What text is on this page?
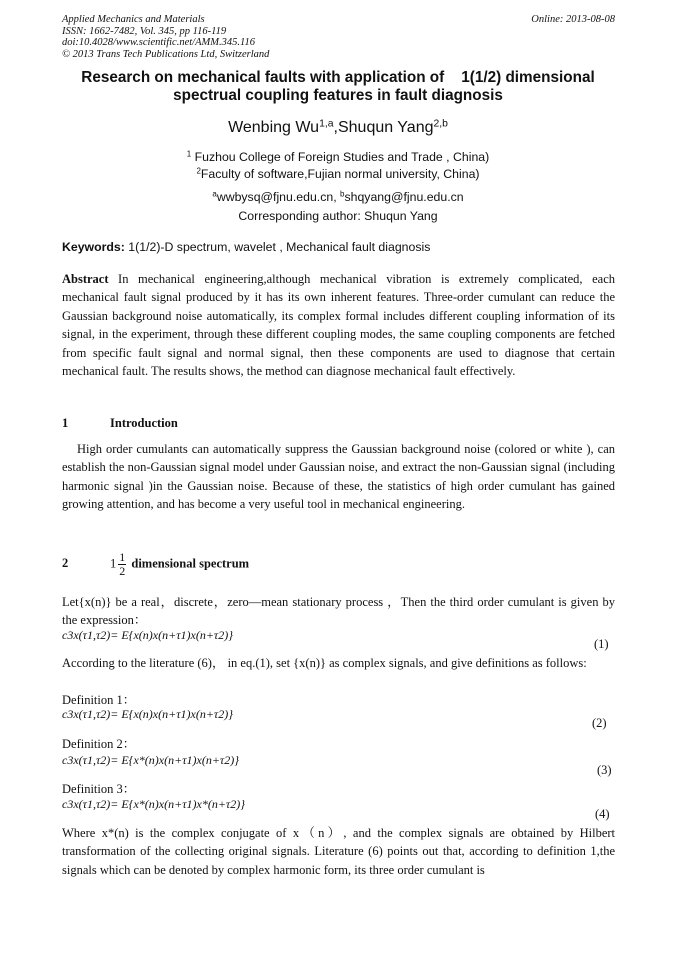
Applied Mechanics and Materials
ISSN: 1662-7482, Vol. 345, pp 116-119
doi:10.4028/www.scientific.net/AMM.345.116
© 2013 Trans Tech Publications Ltd, Switzerland
Online: 2013-08-08
Research on mechanical faults with application of    1(1/2) dimensional
spectrual coupling features in fault diagnosis
Wenbing Wu$^{1,a}$,Shuqun Yang$^{2,b}$
$^1$ Fuzhou College of Foreign Studies and Trade , China)
$^2$Faculty of software,Fujian normal university, China)
$^a$wwbysq@fjnu.edu.cn, $^b$shqyang@fjnu.edu.cn
Corresponding author: Shuqun Yang
Keywords: 1(1/2)-D spectrum, wavelet , Mechanical fault diagnosis
Abstract In mechanical engineering,although mechanical vibration is extremely complicated, each mechanical fault signal produced by it has its own inherent features. Three-order cumulant can reduce the Gaussian background noise automatically, its complex formal includes different coupling information of its signal, in the experiment, through these different coupling modes, the same coupling components are fetched from specific fault signal and normal signal, then these components are used to diagnose that certain mechanical fault. The results shows, the method can diagnose mechanical fault effectively.
1	Introduction
High order cumulants can automatically suppress the Gaussian background noise (colored or white ), can establish the non-Gaussian signal model under Gaussian noise, and extract the non-Gaussian signal (including harmonic signal )in the Gaussian noise. Because of these, the statistics of high order cumulant has gained growing attention, and has become a very useful tool in mechanical engineering.
2	$1 \frac{1}{2}$ dimensional spectrum
Let{x(n)} be a real，discrete，zero—mean stationary process ，Then the third order cumulant is given by the expression：
c3x(τ1,τ2)= E{x(n)x(n+τ1)x(n+τ2)}
(1)
According to the literature (6)， in eq.(1), set {x(n)} as complex signals, and give definitions as follows:
Definition 1：
c3x(τ1,τ2)= E{x(n)x(n+τ1)x(n+τ2)}
(2)
Definition 2：
c3x(τ1,τ2)= E{x*(n)x(n+τ1)x(n+τ2)}
(3)
Definition 3：
c3x(τ1,τ2)= E{x*(n)x(n+τ1)x*(n+τ2)}
(4)
Where x*(n) is the complex conjugate of x（n）, and the complex signals are obtained by Hilbert transformation of the collecting original signals. Literature (6) points out that, according to definition 1,the signals which can be denoted by complex harmonic form, its three order cumulant is
